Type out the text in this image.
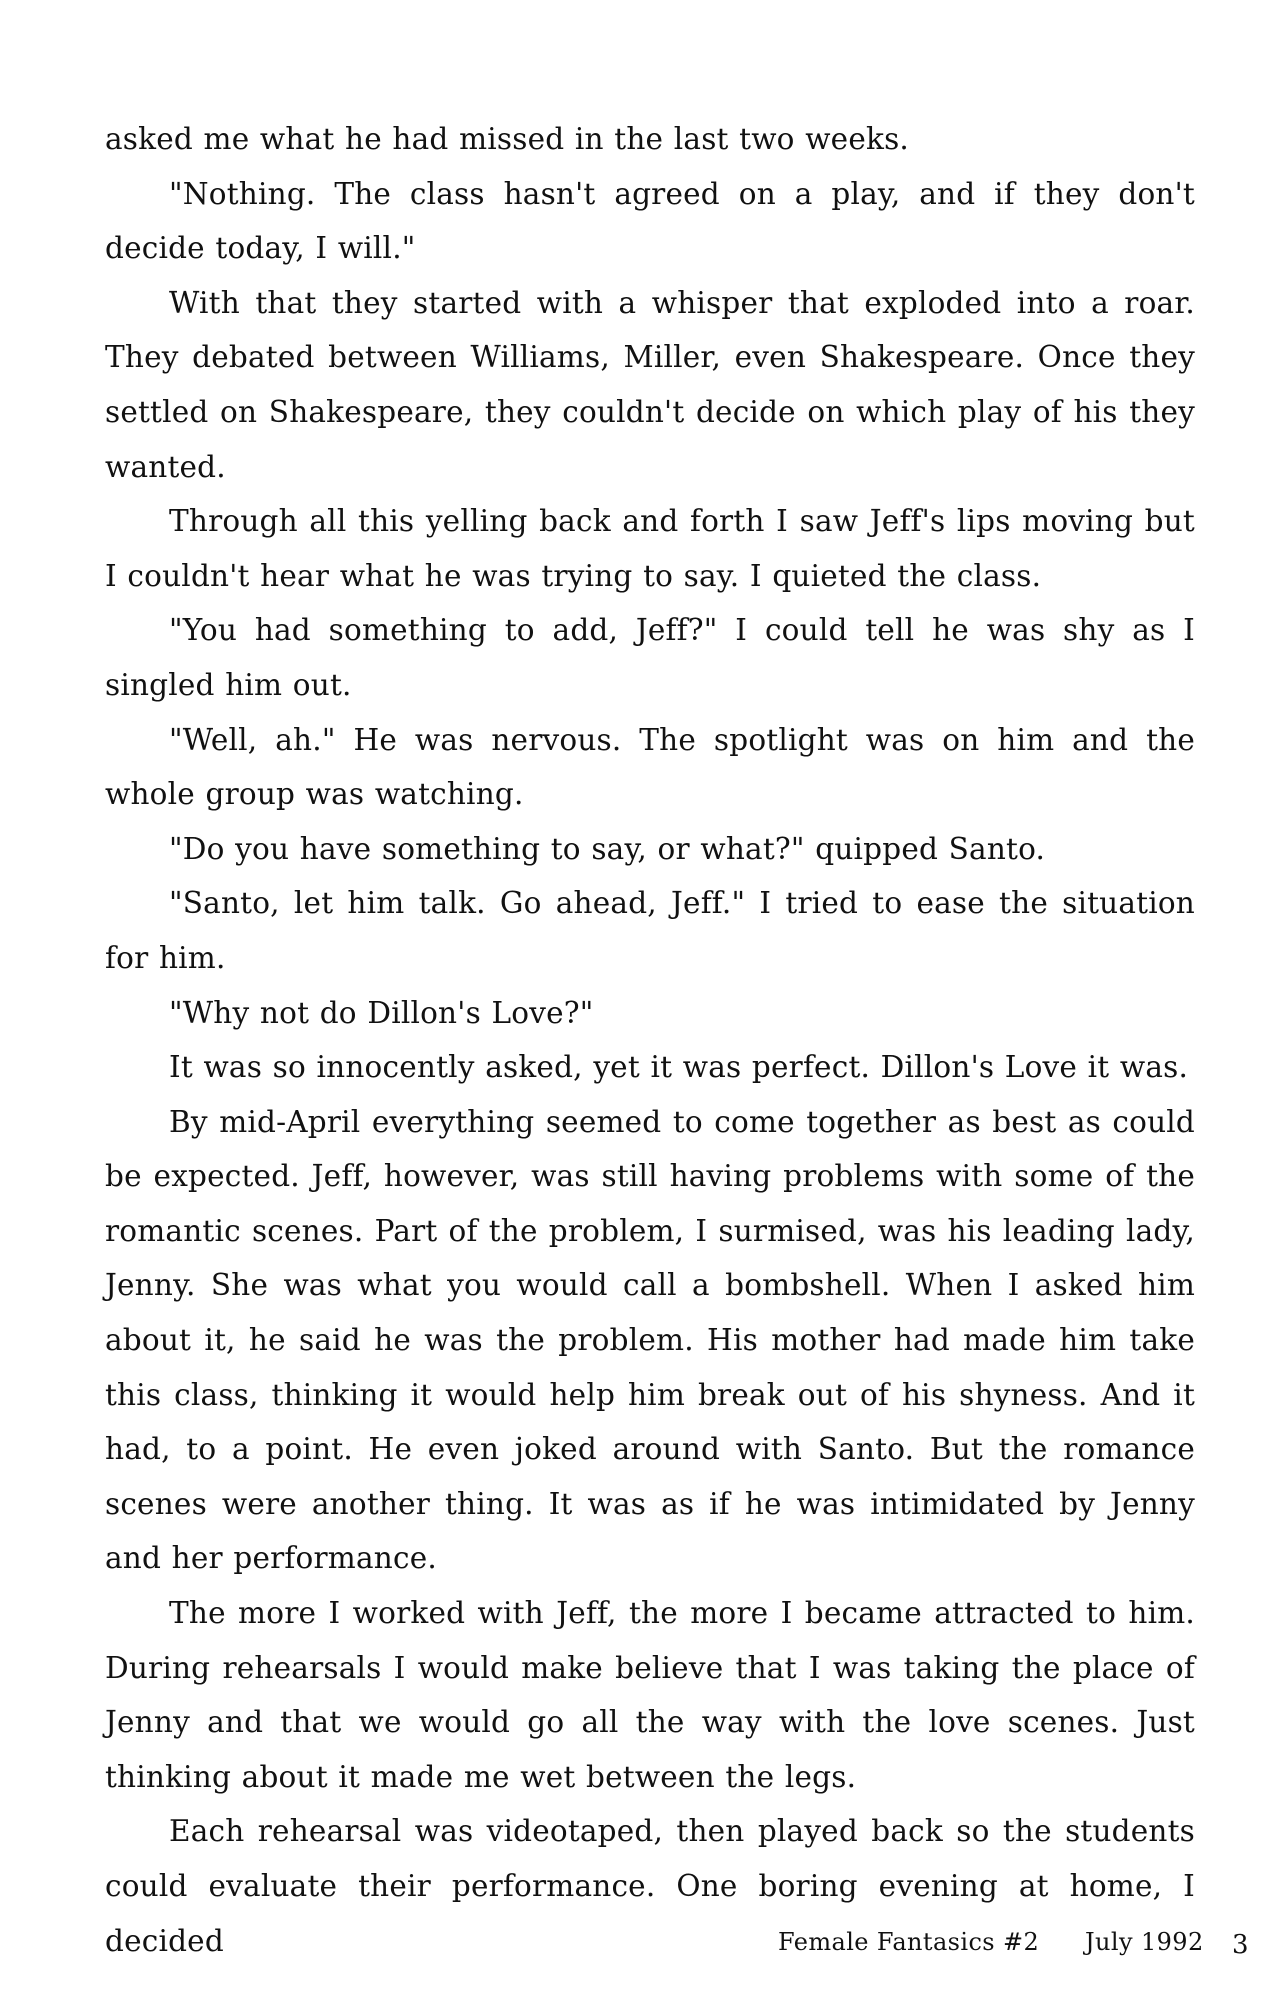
asked me what he had missed in the last two weeks.

"Nothing. The class hasn't agreed on a play, and if they don't decide today, I will."

With that they started with a whisper that exploded into a roar. They debated between Williams, Miller, even Shakespeare. Once they settled on Shakespeare, they couldn't decide on which play of his they wanted.

Through all this yelling back and forth I saw Jeff's lips moving but I couldn't hear what he was trying to say. I quieted the class.

"You had something to add, Jeff?" I could tell he was shy as I singled him out.

"Well, ah." He was nervous. The spotlight was on him and the whole group was watching.

"Do you have something to say, or what?" quipped Santo.

"Santo, let him talk. Go ahead, Jeff." I tried to ease the situation for him.

"Why not do Dillon's Love?"

It was so innocently asked, yet it was perfect. Dillon's Love it was.

By mid-April everything seemed to come together as best as could be expected. Jeff, however, was still having problems with some of the romantic scenes. Part of the problem, I surmised, was his leading lady, Jenny. She was what you would call a bombshell. When I asked him about it, he said he was the problem. His mother had made him take this class, thinking it would help him break out of his shyness. And it had, to a point. He even joked around with Santo. But the romance scenes were another thing. It was as if he was intimidated by Jenny and her performance.

The more I worked with Jeff, the more I became attracted to him. During rehearsals I would make believe that I was taking the place of Jenny and that we would go all the way with the love scenes. Just thinking about it made me wet between the legs.

Each rehearsal was videotaped, then played back so the students could evaluate their performance. One boring evening at home, I decided	Female Fantasics #2 July 1992 3
